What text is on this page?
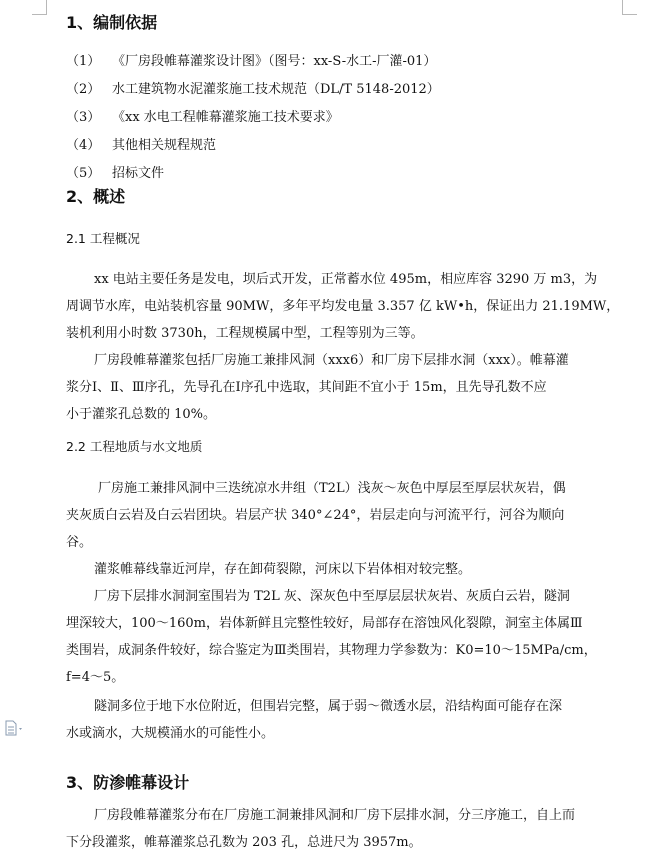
1、编制依据
（1） 《厂房段帷幕灌浆设计图》（图号：xx-S-水工-厂灌-01）
（2） 水工建筑物水泥灌浆施工技术规范（DL/T 5148-2012）
（3） 《xx 水电工程帷幕灌浆施工技术要求》
（4） 其他相关规程规范
（5） 招标文件
2、概述
2.1 工程概况
xx 电站主要任务是发电，坝后式开发，正常蓄水位 495m，相应库容 3290 万 m3，为
周调节水库，电站装机容量 90MW，多年平均发电量 3.357 亿 kW•h，保证出力 21.19MW，
装机利用小时数 3730h，工程规模属中型，工程等别为三等。
厂房段帷幕灌浆包括厂房施工兼排风洞（xxx6）和厂房下层排水洞（xxx）。帷幕灌
浆分Ⅰ、Ⅱ、Ⅲ序孔，先导孔在Ⅰ序孔中选取，其间距不宜小于 15m，且先导孔数不应
小于灌浆孔总数的 10%。
2.2 工程地质与水文地质
厂房施工兼排风洞中三迭统凉水井组（T2L）浅灰～灰色中厚层至厚层状灰岩，偶
夹灰质白云岩及白云岩团块。岩层产状 340°∠24°，岩层走向与河流平行，河谷为顺向
谷。
灌浆帷幕线靠近河岸，存在卸荷裂隙，河床以下岩体相对较完整。
厂房下层排水洞洞室围岩为 T2L 灰、深灰色中至厚层层状灰岩、灰质白云岩，隧洞
埋深较大，100～160m，岩体新鲜且完整性较好，局部存在溶蚀风化裂隙，洞室主体属Ⅲ
类围岩，成洞条件较好，综合鉴定为Ⅲ类围岩，其物理力学参数为：K0=10～15MPa/cm，
f=4～5。
隧洞多位于地下水位附近，但围岩完整，属于弱～微透水层，沿结构面可能存在深
水或滴水，大规模涌水的可能性小。
3、防渗帷幕设计
厂房段帷幕灌浆分布在厂房施工洞兼排风洞和厂房下层排水洞，分三序施工，自上而
下分段灌浆，帷幕灌浆总孔数为 203 孔，总进尺为 3957m。
